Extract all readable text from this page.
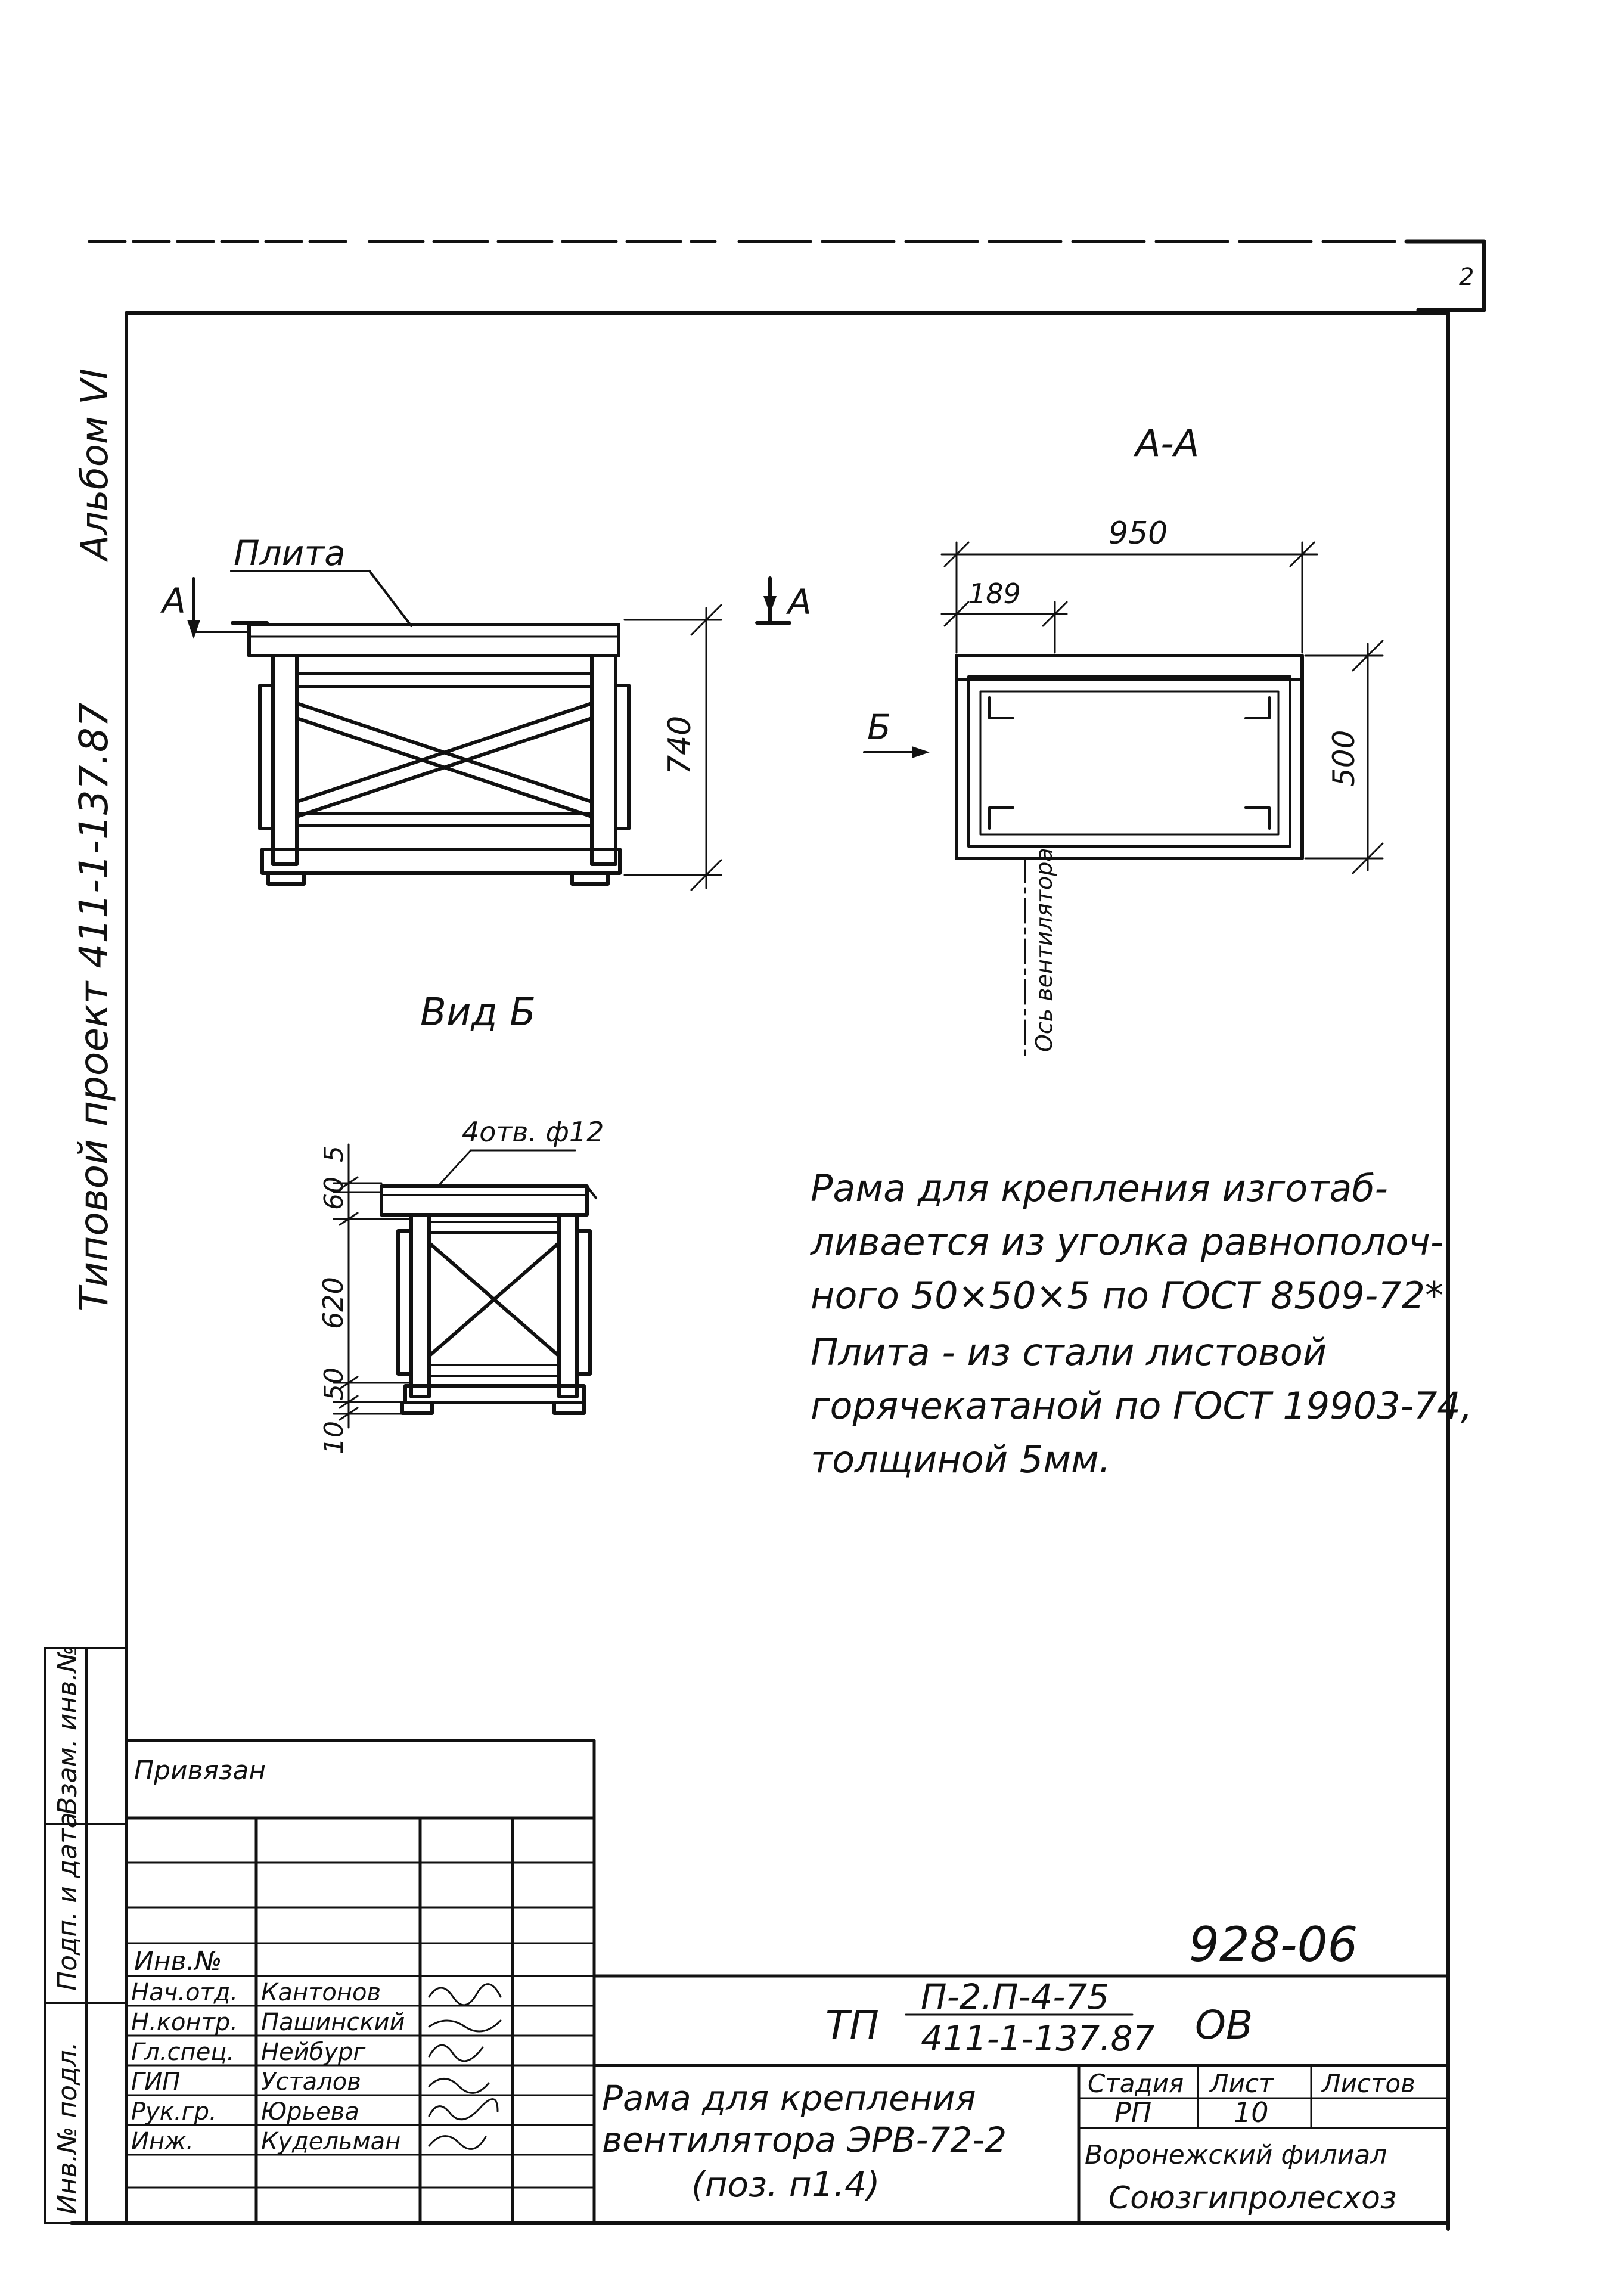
2
Альбом VI
Типовой проект 411-1-137.87
Инв.№ подл.
Подп. и дата
Взам. инв.№
Плита
А	А
740
А-А
950
189
500
Б
Ось вентилятора
Вид Б
4отв. ф12
5
60
620
50
10
Рама для крепления изготаб-
ливается из уголка равнополоч-
ного 50×50×5 по ГОСТ 8509-72*
Плита - из стали листовой
горячекатаной по ГОСТ 19903-74,
толщиной 5мм.
Привязан
Инв.№
Нач.отд. Кантонов
Н.контр. Пашинский
Гл.спец. Нейбург
ГИП	Усталов
Рук.гр. Юрьева
Инж.	Кудельман
928-06
ТП
П-2.П-4-75
411-1-137.87 ОВ
Рама для крепления
вентилятора ЭРВ-72-2
(поз. п1.4)
Стадия Лист Листов
РП	10
Воронежский филиал
Союзгипролесхоз
